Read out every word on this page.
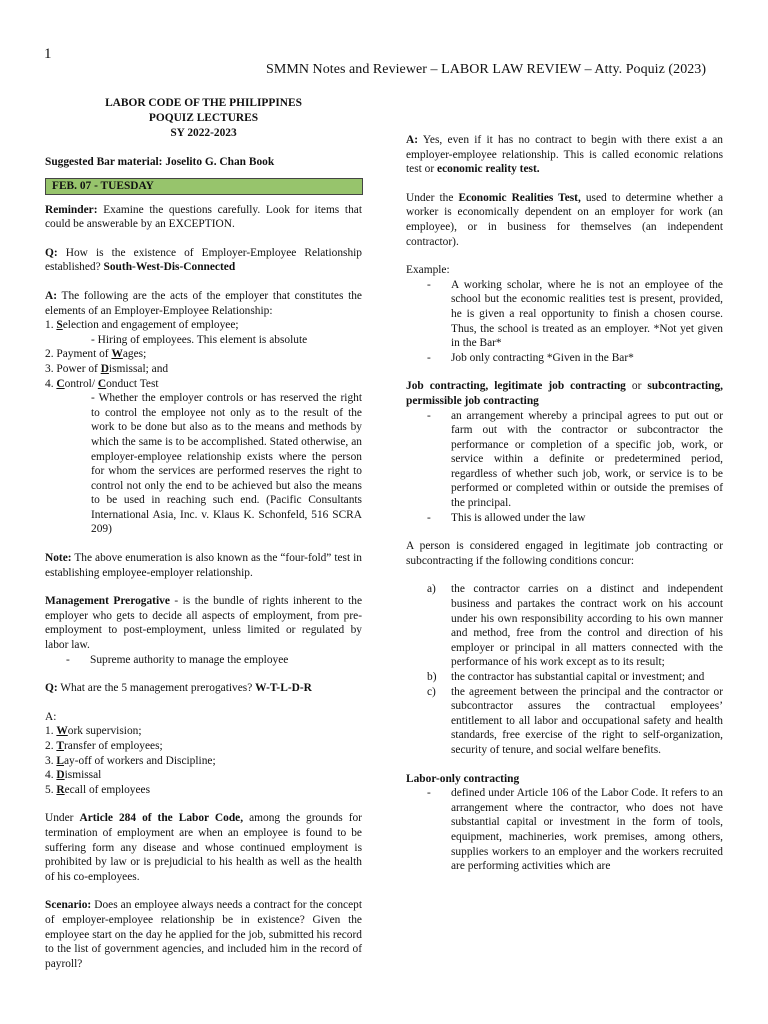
1
SMMN Notes and Reviewer – LABOR LAW REVIEW – Atty. Poquiz (2023)
LABOR CODE OF THE PHILIPPINES
POQUIZ LECTURES
SY 2022-2023

Suggested Bar material: Joselito G. Chan Book

FEB. 07 - TUESDAY

Reminder: Examine the questions carefully. Look for items that could be answerable by an EXCEPTION.

Q: How is the existence of Employer-Employee Relationship established? South-West-Dis-Connected

A: The following are the acts of the employer that constitutes the elements of an Employer-Employee Relationship:

1. Selection and engagement of employee;

- Hiring of employees. This element is absolute

2. Payment of Wages;

3. Power of Dismissal; and

4. Control/ Conduct Test

- Whether the employer controls or has reserved the right to control the employee not only as to the result of the work to be done but also as to the means and methods by which the same is to be accomplished. Stated otherwise, an employer-employee relationship exists where the person for whom the services are performed reserves the right to control not only the end to be achieved but also the means to be used in reaching such end. (Pacific Consultants International Asia, Inc. v. Klaus K. Schonfeld, 516 SCRA 209)

Note: The above enumeration is also known as the “four-fold” test in establishing employee-employer relationship.

Management Prerogative - is the bundle of rights inherent to the employer who gets to decide all aspects of employment, from pre-employment to post-employment, unless limited or regulated by labor law.

- Supreme authority to manage the employee

Q: What are the 5 management prerogatives? W-T-L-D-R

A:

1. Work supervision;

2. Transfer of employees;

3. Lay-off of workers and Discipline;

4. Dismissal

5. Recall of employees

Under Article 284 of the Labor Code, among the grounds for termination of employment are when an employee is found to be suffering form any disease and whose continued employment is prohibited by law or is prejudicial to his health as well as the health of his co-employees.

Scenario: Does an employee always needs a contract for the concept of employer-employee relationship be in existence? Given the employee start on the day he applied for the job, submitted his record to the list of government agencies, and included him in the record of payroll?

A: Yes, even if it has no contract to begin with there exist a an employer-employee relationship. This is called economic relations test or economic reality test.

Under the Economic Realities Test, used to determine whether a worker is economically dependent on an employer for work (an employee), or in business for themselves (an independent contractor).

Example:

- A working scholar, where he is not an employee of the school but the economic realities test is present, provided, he is given a real opportunity to finish a chosen course. Thus, the school is treated as an employer. *Not yet given in the Bar*
- Job only contracting *Given in the Bar*

Job contracting, legitimate job contracting or subcontracting, permissible job contracting

- an arrangement whereby a principal agrees to put out or farm out with the contractor or subcontractor the performance or completion of a specific job, work, or service within a definite or predetermined period, regardless of whether such job, work, or service is to be performed or completed within or outside the premises of the principal.
- This is allowed under the law

A person is considered engaged in legitimate job contracting or subcontracting if the following conditions concur:

a) the contractor carries on a distinct and independent business and partakes the contract work on his account under his own responsibility according to his own manner and method, free from the control and direction of his employer or principal in all matters connected with the performance of his work except as to its result;
b) the contractor has substantial capital or investment; and
c) the agreement between the principal and the contractor or subcontractor assures the contractual employees’ entitlement to all labor and occupational safety and health standards, free exercise of the right to self-organization, security of tenure, and social welfare benefits.

Labor-only contracting

- defined under Article 106 of the Labor Code. It refers to an arrangement where the contractor, who does not have substantial capital or investment in the form of tools, equipment, machineries, work premises, among others, supplies workers to an employer and the workers recruited are performing activities which are
